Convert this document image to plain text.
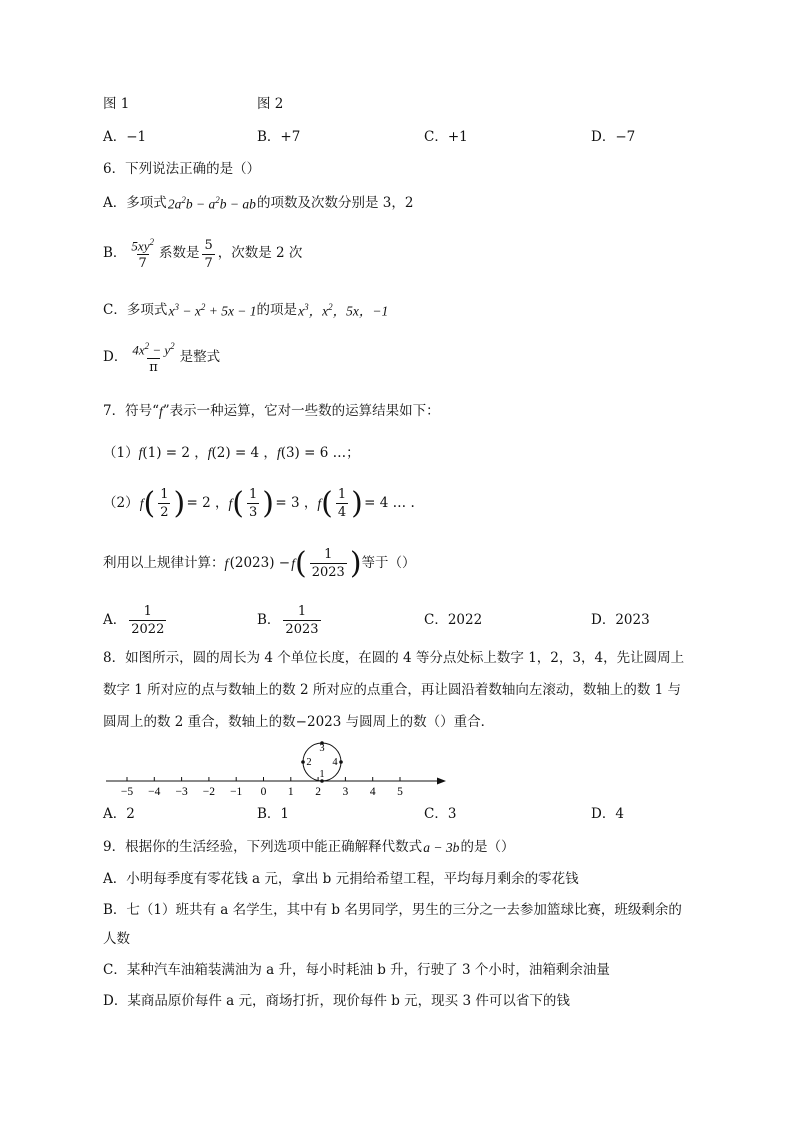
图 1	图 2
A．−1	B．+7	C．+1	D．−7
6．下列说法正确的是（）
A．多项式  $2a^2b - a^2b$ − ab  的项数及次数分别是 3，2
B． $\frac{5xy^2}{7}$ 系数是 $\frac{5}{7}$ ，次数是 2 次
C．多项式  $x^3 - x^2 + 5x - 1$ 的项是  $x^3$，$x^2$，5x，−1
D． $\frac{4x^2 - y^2}{\pi}$ 是整式
7．符号“ f ”表示一种运算，它对一些数的运算结果如下：
（1） f(1) = 2 ，f(2) = 4 ，f(3) = 6 …；
（2）  f ( $\frac{1}{2}$ )  = 2 ， f ( $\frac{1}{3}$ )  = 3 ， f ( $\frac{1}{4}$ )  = 4 … .
利用以上规律计算： f  (2023) −  f ( $\frac{1}{2023}$ ) 等于（）
A． $\frac{1}{2022}$	B． $\frac{1}{2023}$	C．2022	D．2023
8．如图所示，圆的周长为 4 个单位长度，在圆的 4 等分点处标上数字 1，2，3，4，先让圆周上
数字 1 所对应的点与数轴上的数 2 所对应的点重合，再让圆沿着数轴向左滚动，数轴上的数 1 与
圆周上的数 2 重合，数轴上的数−2023 与圆周上的数（）重合．
−5 −4 −3 −2 −1 0 1 2 3 4 5
1
2
3
4
A．2	B．1	C．3	D．4
9．根据你的生活经验，下列选项中能正确解释代数式  a − 3b  的是（）
A．小明每季度有零花钱 a 元，拿出 b 元捐给希望工程，平均每月剩余的零花钱
B．七（1）班共有 a 名学生，其中有 b 名男同学，男生的三分之一去参加篮球比赛，班级剩余的
人数
C．某种汽车油箱装满油为 a 升，每小时耗油 b 升，行驶了 3 个小时，油箱剩余油量
D．某商品原价每件 a 元，商场打折，现价每件 b 元，现买 3 件可以省下的钱
